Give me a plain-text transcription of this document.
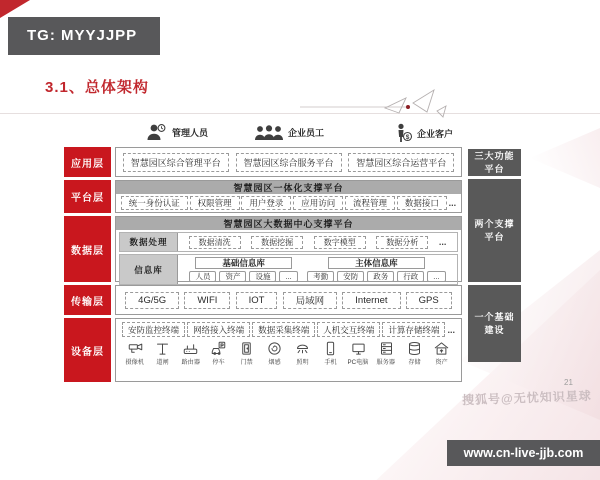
TG: MYYJJPP
3.1、总体架构
管理人员	企业员工	$ 企业客户
应用层	智慧园区综合管理平台	智慧园区综合服务平台	智慧园区综合运营平台
三大功能平台
平台层
智慧园区一体化支撑平台
统一身份认证	权限管理	用户登录	应用访问	流程管理	数据接口	...
两个支撑平台
数据层
智慧园区大数据中心支撑平台
数据处理	数据清洗	数据挖掘	数字模型	数据分析	...
信息库
基础信息库
人员	资产	设施	...
主体信息库
考勤	安防	政务	行政	...
传输层	4G/5G	WIFI	IOT	局域网	Internet	GPS
一个基础建设
设备层
安防监控终端	网络接入终端	数据采集终端	人机交互终端	计算存储终端 ...
摄像机 道闸 路由器 停车 门禁 烟感 照明 手机 PC电脑 服务器 存储 资产
21
搜狐号@无忧知识星球
www.cn-live-jjb.com
